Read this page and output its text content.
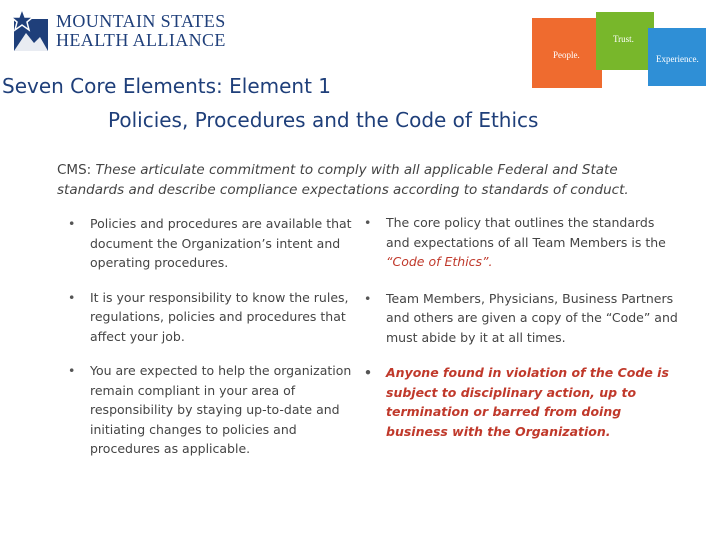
MOUNTAIN STATES
HEALTH ALLIANCE
People.
Trust.
Experience.
Seven Core Elements: Element 1
Policies, Procedures and the Code of Ethics
CMS: These articulate commitment to comply with all applicable Federal and State standards and describe compliance expectations according to standards of conduct.
• Policies and procedures are available that document the Organization’s intent and operating procedures.
• It is your responsibility to know the rules, regulations, policies and procedures that affect your job.
• You are expected to help the organization remain compliant in your area of responsibility by staying up-to-date and initiating changes to policies and procedures as applicable.
• The core policy that outlines the standards and expectations of all Team Members is the “Code of Ethics”.
• Team Members, Physicians, Business Partners and others are given a copy of the “Code” and must abide by it at all times.
• Anyone found in violation of the Code is subject to disciplinary action, up to termination or barred from doing business with the Organization.
